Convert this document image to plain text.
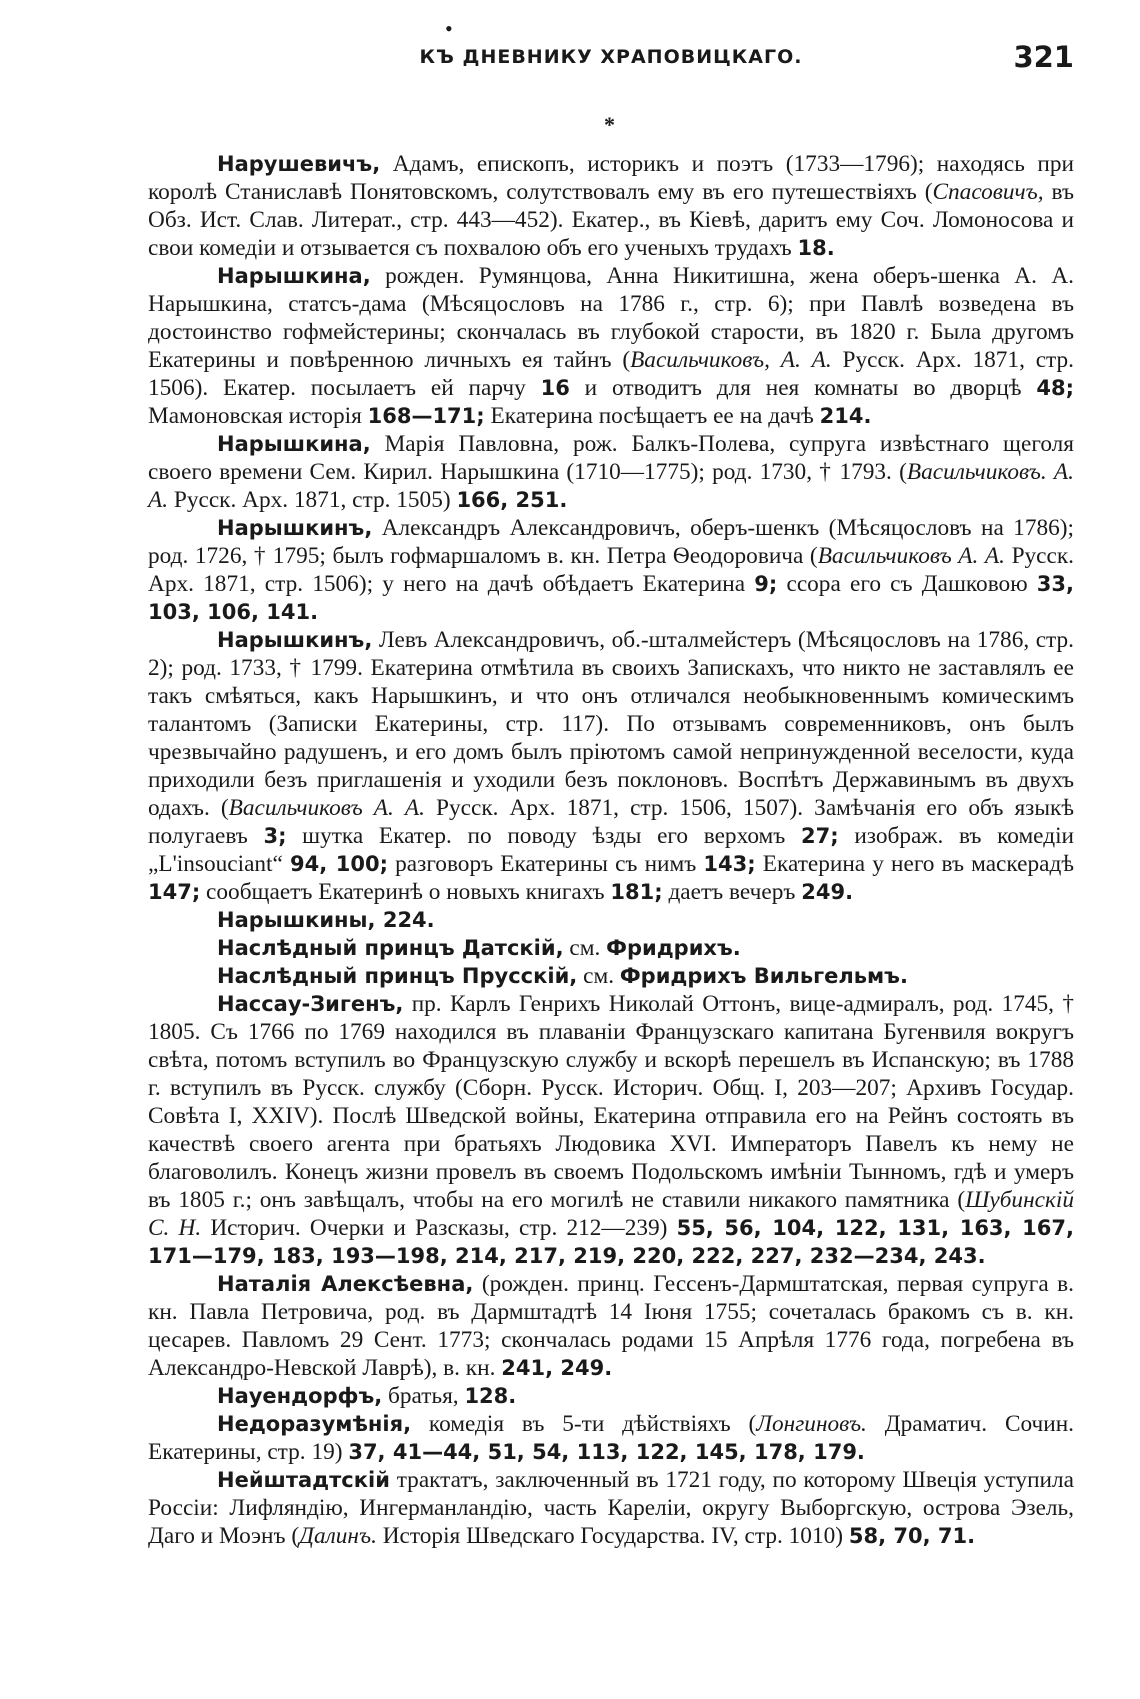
•
КЪ ДНЕВНИКУ ХРАПОВИЦКАГО.	321
*

Нарушевичъ, Адамъ, епископъ, историкъ и поэтъ (1733—1796); находясь при королѣ Станиславѣ Понятовскомъ, солутствовалъ ему въ его путешествіяхъ (Спасовичъ, въ Обз. Ист. Слав. Литерат., стр. 443—452). Екатер., въ Кіевѣ, даритъ ему Соч. Ломоносова и свои комедіи и отзывается съ похвалою объ его ученыхъ трудахъ 18.

Нарышкина, рожден. Румянцова, Анна Никитишна, жена оберъ-шенка А. А. Нарышкина, статсъ-дама (Мѣсяцословъ на 1786 г., стр. 6); при Павлѣ возведена въ достоинство гофмейстерины; скончалась въ глубокой старости, въ 1820 г. Была другомъ Екатерины и повѣренною личныхъ ея тайнъ (Васильчиковъ, А. А. Русск. Арх. 1871, стр. 1506). Екатер. посылаетъ ей парчу 16 и отводитъ для нея комнаты во дворцѣ 48; Мамоновская исторія 168—171; Екатерина посѣщаетъ ее на дачѣ 214.

Нарышкина, Марія Павловна, рож. Балкъ-Полева, супруга извѣстнаго щеголя своего времени Сем. Кирил. Нарышкина (1710—1775); род. 1730, † 1793. (Васильчиковъ. А. А. Русск. Арх. 1871, стр. 1505) 166, 251.

Нарышкинъ, Александръ Александровичъ, оберъ-шенкъ (Мѣсяцословъ на 1786); род. 1726, † 1795; былъ гофмаршаломъ в. кн. Петра Ѳеодоровича (Васильчиковъ А. А. Русск. Арх. 1871, стр. 1506); у него на дачѣ обѣдаетъ Екатерина 9; ссора его съ Дашковою 33, 103, 106, 141.

Нарышкинъ, Левъ Александровичъ, об.-шталмейстеръ (Мѣсяцословъ на 1786, стр. 2); род. 1733, † 1799. Екатерина отмѣтила въ своихъ Запискахъ, что никто не заставлялъ ее такъ смѣяться, какъ Нарышкинъ, и что онъ отличался необыкновеннымъ комическимъ талантомъ (Записки Екатерины, стр. 117). По отзывамъ современниковъ, онъ былъ чрезвычайно радушенъ, и его домъ былъ пріютомъ самой непринужденной веселости, куда приходили безъ приглашенія и уходили безъ поклоновъ. Воспѣтъ Державинымъ въ двухъ одахъ. (Васильчиковъ А. А. Русск. Арх. 1871, стр. 1506, 1507). Замѣчанія его объ языкѣ полугаевъ 3; шутка Екатер. по поводу ѣзды его верхомъ 27; изображ. въ комедіи „L'insouciant“ 94, 100; разговоръ Екатерины съ нимъ 143; Екатерина у него въ маскерадѣ 147; сообщаетъ Екатеринѣ о новыхъ книгахъ 181; даетъ вечеръ 249.

Нарышкины, 224.

Наслѣдный принцъ Датскій, см. Фридрихъ.

Наслѣдный принцъ Прусскій, см. Фридрихъ Вильгельмъ.

Нассау-Зигенъ, пр. Карлъ Генрихъ Николай Оттонъ, вице-адмиралъ, род. 1745, † 1805. Съ 1766 по 1769 находился въ плаваніи Французскаго капитана Бугенвиля вокругъ свѣта, потомъ вступилъ во Французскую службу и вскорѣ перешелъ въ Испанскую; въ 1788 г. вступилъ въ Русск. службу (Сборн. Русск. Историч. Общ. I, 203—207; Архивъ Государ. Совѣта I, XXIV). Послѣ Шведской войны, Екатерина отправила его на Рейнъ состоять въ качествѣ своего агента при братьяхъ Людовика XVI. Императоръ Павелъ къ нему не благоволилъ. Конецъ жизни провелъ въ своемъ Подольскомъ имѣніи Тынномъ, гдѣ и умеръ въ 1805 г.; онъ завѣщалъ, чтобы на его могилѣ не ставили никакого памятника (Шубинскій С. Н. Историч. Очерки и Разсказы, стр. 212—239) 55, 56, 104, 122, 131, 163, 167, 171—179, 183, 193—198, 214, 217, 219, 220, 222, 227, 232—234, 243.

Наталія Алексѣевна, (рожден. принц. Гессенъ-Дармштатская, первая супруга в. кн. Павла Петровича, род. въ Дармштадтѣ 14 Іюня 1755; сочеталась бракомъ съ в. кн. цесарев. Павломъ 29 Сент. 1773; скончалась родами 15 Апрѣля 1776 года, погребена въ Александро-Невской Лаврѣ), в. кн. 241, 249.

Науендорфъ, братья, 128.

Недоразумѣнія, комедія въ 5-ти дѣйствіяхъ (Лонгиновъ. Драматич. Сочин. Екатерины, стр. 19) 37, 41—44, 51, 54, 113, 122, 145, 178, 179.

Нейштадтскій трактатъ, заключенный въ 1721 году, по которому Швеція уступила Россіи: Лифляндію, Ингерманландію, часть Кареліи, округу Выборгскую, острова Эзель, Даго и Моэнъ (Далинъ. Исторія Шведскаго Государства. IV, стр. 1010) 58, 70, 71.
